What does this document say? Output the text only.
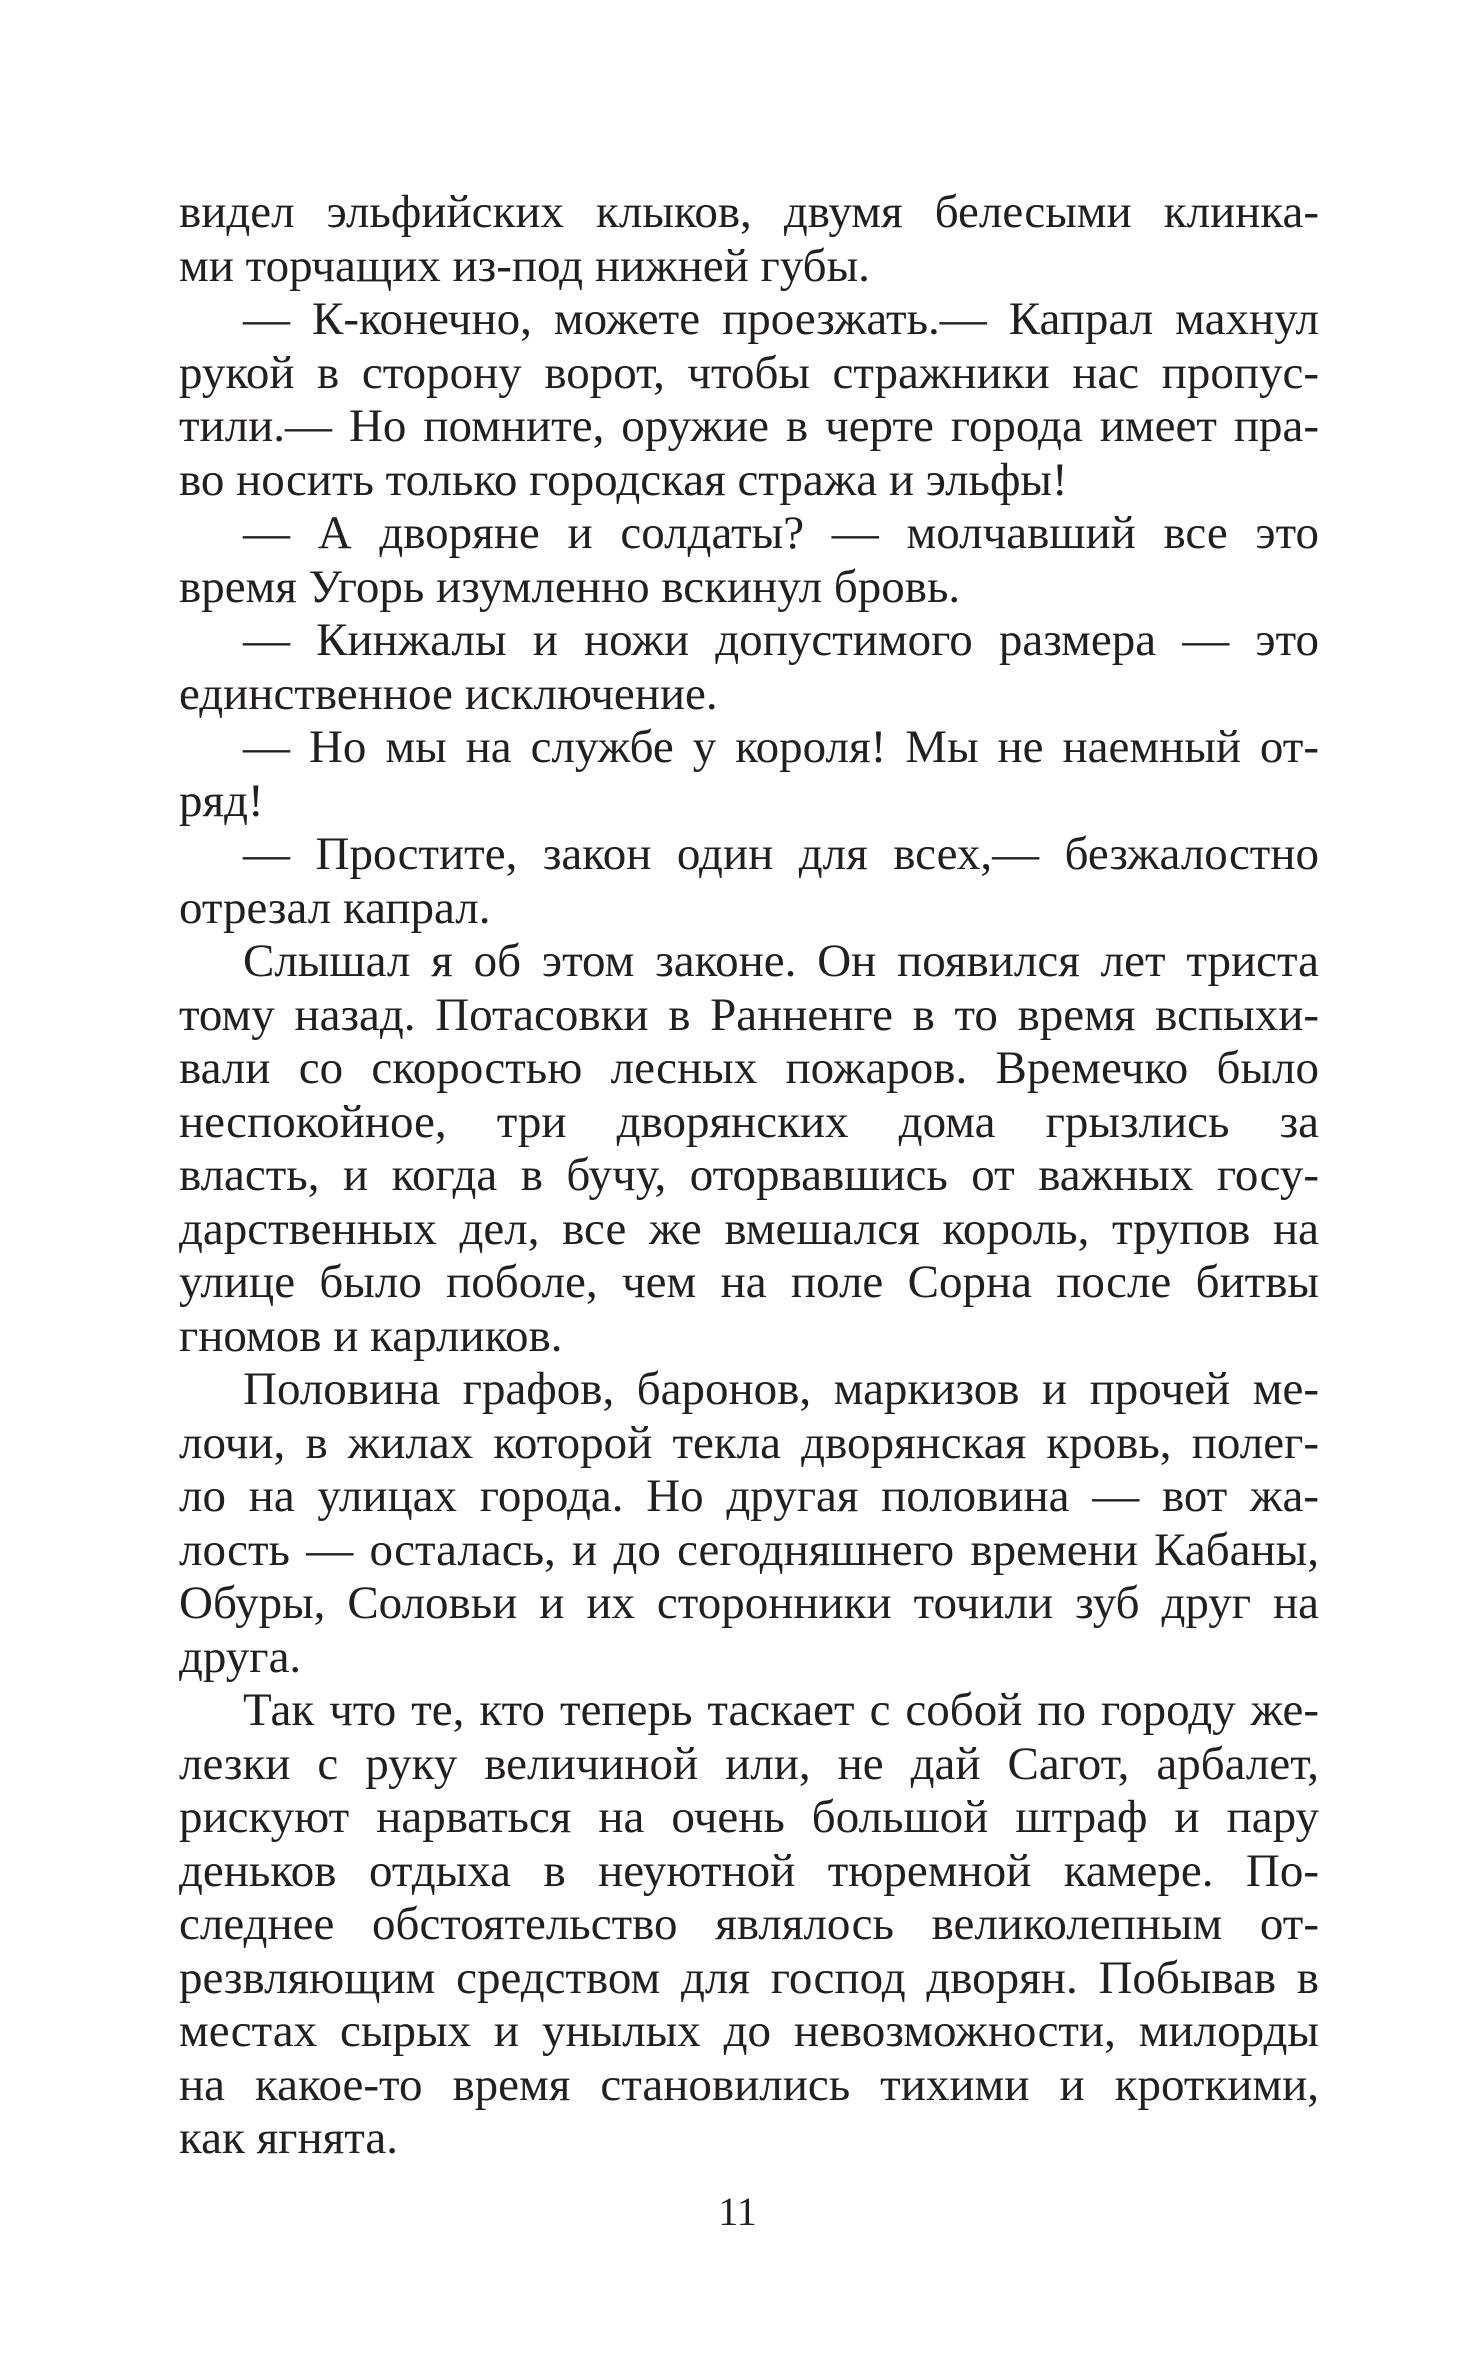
видел эльфийских клыков, двумя белесыми клинка-
ми торчащих из-под нижней губы.
— К-конечно, можете проезжать.— Капрал махнул
рукой в сторону ворот, чтобы стражники нас пропус-
тили.— Но помните, оружие в черте города имеет пра-
во носить только городская стража и эльфы!
— А дворяне и солдаты? — молчавший все это
время Угорь изумленно вскинул бровь.
— Кинжалы и ножи допустимого размера — это
единственное исключение.
— Но мы на службе у короля! Мы не наемный от-
ряд!
— Простите, закон один для всех,— безжалостно
отрезал капрал.
Слышал я об этом законе. Он появился лет триста
тому назад. Потасовки в Ранненге в то время вспыхи-
вали со скоростью лесных пожаров. Времечко было
неспокойное, три дворянских дома грызлись за
власть, и когда в бучу, оторвавшись от важных госу-
дарственных дел, все же вмешался король, трупов на
улице было поболе, чем на поле Сорна после битвы
гномов и карликов.
Половина графов, баронов, маркизов и прочей ме-
лочи, в жилах которой текла дворянская кровь, полег-
ло на улицах города. Но другая половина — вот жа-
лость — осталась, и до сегодняшнего времени Кабаны,
Обуры, Соловьи и их сторонники точили зуб друг на
друга.
Так что те, кто теперь таскает с собой по городу же-
лезки с руку величиной или, не дай Сагот, арбалет,
рискуют нарваться на очень большой штраф и пару
деньков отдыха в неуютной тюремной камере. По-
следнее обстоятельство являлось великолепным от-
резвляющим средством для господ дворян. Побывав в
местах сырых и унылых до невозможности, милорды
на какое-то время становились тихими и кроткими,
как ягнята.
11
